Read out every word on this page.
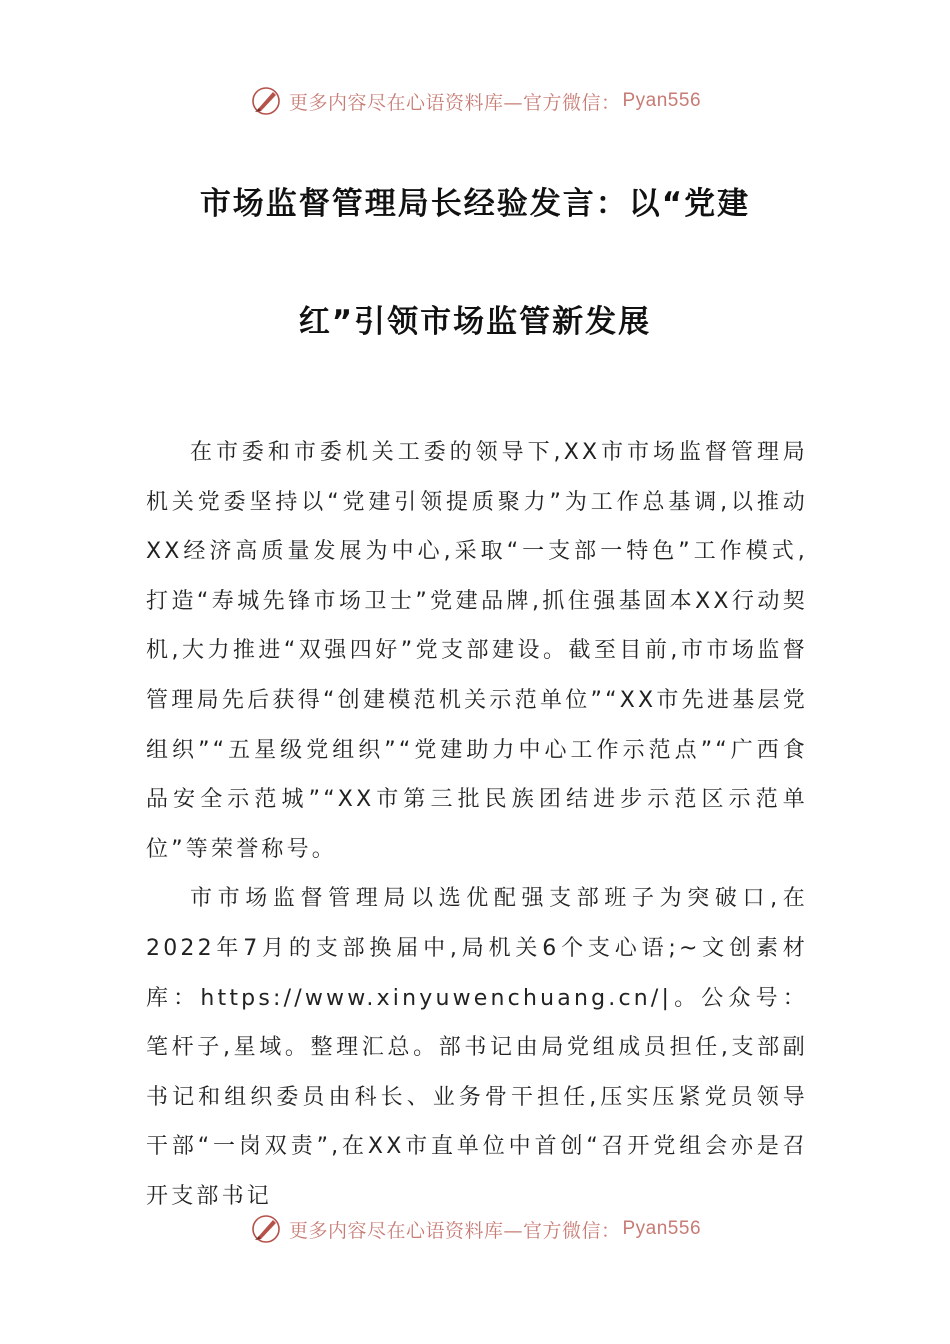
更多内容尽在心语资料库—官方微信： Pyan556
市场监督管理局长经验发言：以“党建
红”引领市场监管新发展

在市委和市委机关工委的领导下,XX市市场监督管理局机关党委坚持以“党建引领提质聚力”为工作总基调,以推动XX经济高质量发展为中心,采取“一支部一特色”工作模式,打造“寿城先锋市场卫士”党建品牌,抓住强基固本XX行动契机,大力推进“双强四好”党支部建设。截至目前,市市场监督管理局先后获得“创建模范机关示范单位”“XX市先进基层党组织”“五星级党组织”“党建助力中心工作示范点”“广西食品安全示范城”“XX市第三批民族团结进步示范区示范单位”等荣誉称号。

市市场监督管理局以选优配强支部班子为突破口,在2022年7月的支部换届中,局机关6个支心语;~文创素材库：https://www.xinyuwenchuang.cn/|。公众号：笔杆子,星域。整理汇总。部书记由局党组成员担任,支部副书记和组织委员由科长、业务骨干担任,压实压紧党员领导干部“一岗双责”,在XX市直单位中首创“召开党组会亦是召开支部书记

更多内容尽在心语资料库—官方微信： Pyan556
